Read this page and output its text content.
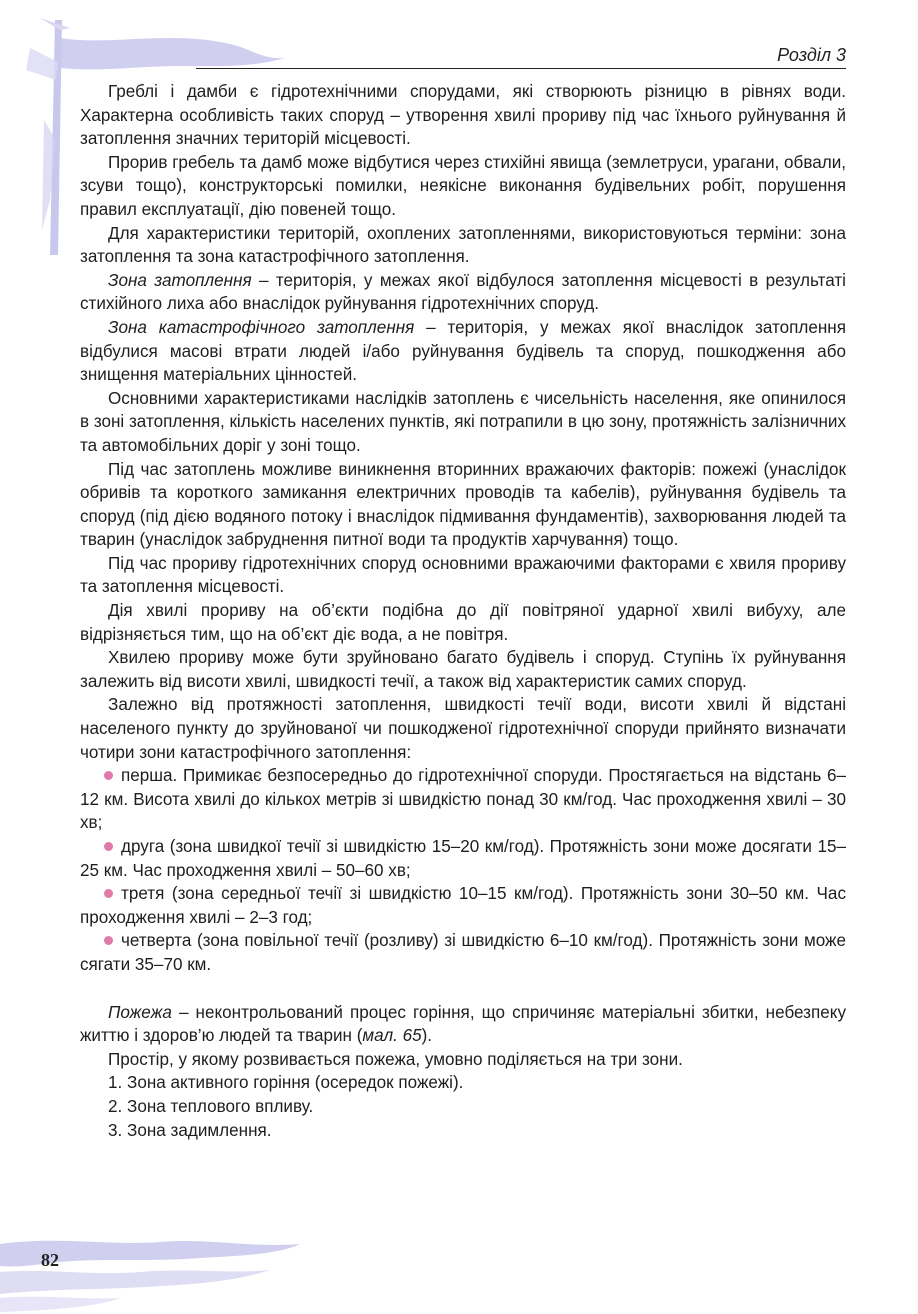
Розділ 3

Греблі і дамби є гідротехнічними спорудами, які створюють різницю в рівнях води. Характерна особливість таких споруд – утворення хвилі прориву під час їхнього руйнування й затоплення значних територій місцевості.

Прорив гребель та дамб може відбутися через стихійні явища (землетруси, урагани, обвали, зсуви тощо), конструкторські помилки, неякісне виконання будівельних робіт, порушення правил експлуатації, дію повеней тощо.

Для характеристики територій, охоплених затопленнями, використовуються терміни: зона затоплення та зона катастрофічного затоплення.

Зона затоплення – територія, у межах якої відбулося затоплення місцевості в результаті стихійного лиха або внаслідок руйнування гідротехнічних споруд.

Зона катастрофічного затоплення – територія, у межах якої внаслідок затоплення відбулися масові втрати людей і/або руйнування будівель та споруд, пошкодження або знищення матеріальних цінностей.

Основними характеристиками наслідків затоплень є чисельність населення, яке опинилося в зоні затоплення, кількість населених пунктів, які потрапили в цю зону, протяжність залізничних та автомобільних доріг у зоні тощо.

Під час затоплень можливе виникнення вторинних вражаючих факторів: пожежі (унаслідок обривів та короткого замикання електричних проводів та кабелів), руйнування будівель та споруд (під дією водяного потоку і внаслідок підмивання фундаментів), захворювання людей та тварин (унаслідок забруднення питної води та продуктів харчування) тощо.

Під час прориву гідротехнічних споруд основними вражаючими факторами є хвиля прориву та затоплення місцевості.

Дія хвилі прориву на об’єкти подібна до дії повітряної ударної хвилі вибуху, але відрізняється тим, що на об’єкт діє вода, а не повітря.

Хвилею прориву може бути зруйновано багато будівель і споруд. Ступінь їх руйнування залежить від висоти хвилі, швидкості течії, а також від характеристик самих споруд.

Залежно від протяжності затоплення, швидкості течії води, висоти хвилі й відстані населеного пункту до зруйнованої чи пошкодженої гідротехнічної споруди прийнято визначати чотири зони катастрофічного затоплення:

перша. Примикає безпосередньо до гідротехнічної споруди. Простягається на відстань 6–12 км. Висота хвилі до кількох метрів зі швидкістю понад 30 км/год. Час проходження хвилі – 30 хв;

друга (зона швидкої течії зі швидкістю 15–20 км/год). Протяжність зони може досягати 15–25 км. Час проходження хвилі – 50–60 хв;

третя (зона середньої течії зі швидкістю 10–15 км/год). Протяжність зони 30–50 км. Час проходження хвилі – 2–3 год;

четверта (зона повільної течії (розливу) зі швидкістю 6–10 км/год). Протяжність зони може сягати 35–70 км.

Пожежа – неконтрольований процес горіння, що спричиняє матеріальні збитки, небезпеку життю і здоров’ю людей та тварин (мал. 65).

Простір, у якому розвивається пожежа, умовно поділяється на три зони.

1. Зона активного горіння (осередок пожежі).

2. Зона теплового впливу.

3. Зона задимлення.

82
